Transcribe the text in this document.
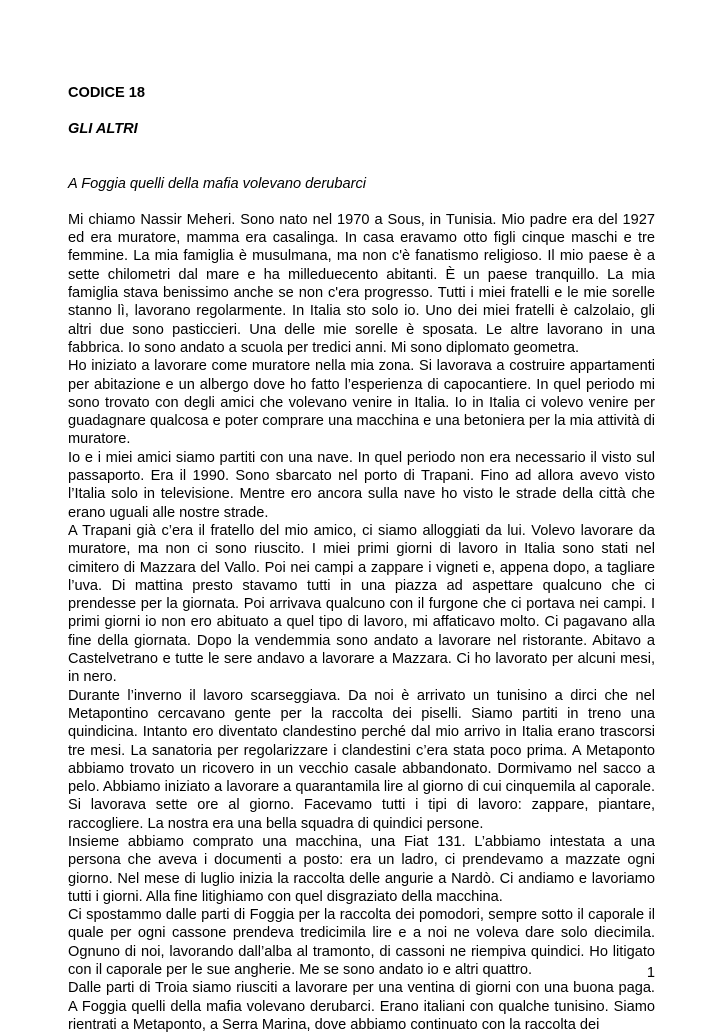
CODICE 18

GLI ALTRI

A Foggia quelli della mafia volevano derubarci

Mi chiamo Nassir Meheri. Sono nato nel 1970 a Sous, in Tunisia. Mio padre era del 1927 ed era muratore, mamma era casalinga. In casa eravamo otto figli cinque maschi e tre femmine. La mia famiglia è musulmana, ma non c'è fanatismo religioso. Il mio paese è a sette chilometri dal mare e ha milleduecento abitanti. È un paese tranquillo. La mia famiglia stava benissimo anche se non c'era progresso. Tutti i miei fratelli e le mie sorelle stanno lì, lavorano regolarmente. In Italia sto solo io. Uno dei miei fratelli è calzolaio, gli altri due sono pasticcieri. Una delle mie sorelle è sposata. Le altre lavorano in una fabbrica. Io sono andato a scuola per tredici anni. Mi sono diplomato geometra.

Ho iniziato a lavorare come muratore nella mia zona. Si lavorava a costruire appartamenti per abitazione e un albergo dove ho fatto l’esperienza di capocantiere. In quel periodo mi sono trovato con degli amici che volevano venire in Italia. Io in Italia ci volevo venire per guadagnare qualcosa e poter comprare una macchina e una betoniera per la mia attività di muratore.

Io e i miei amici siamo partiti con una nave. In quel periodo non era necessario il visto sul passaporto. Era il 1990. Sono sbarcato nel porto di Trapani. Fino ad allora avevo visto l’Italia solo in televisione. Mentre ero ancora sulla nave ho visto le strade della città che erano uguali alle nostre strade.

A Trapani già c’era il fratello del mio amico, ci siamo alloggiati da lui. Volevo lavorare da muratore, ma non ci sono riuscito. I miei primi giorni di lavoro in Italia sono stati nel cimitero di Mazzara del Vallo. Poi nei campi a zappare i vigneti e, appena dopo, a tagliare l’uva. Di mattina presto stavamo tutti in una piazza ad aspettare qualcuno che ci prendesse per la giornata. Poi arrivava qualcuno con il furgone che ci portava nei campi. I primi giorni io non ero abituato a quel tipo di lavoro, mi affaticavo molto. Ci pagavano alla fine della giornata. Dopo la vendemmia sono andato a lavorare nel ristorante. Abitavo a Castelvetrano e tutte le sere andavo a lavorare a Mazzara. Ci ho lavorato per alcuni mesi, in nero.

Durante l’inverno il lavoro scarseggiava. Da noi è arrivato un tunisino a dirci che nel Metapontino cercavano gente per la raccolta dei piselli. Siamo partiti in treno una quindicina. Intanto ero diventato clandestino perché dal mio arrivo in Italia erano trascorsi tre mesi. La sanatoria per regolarizzare i clandestini c’era stata poco prima. A Metaponto abbiamo trovato un ricovero in un vecchio casale abbandonato. Dormivamo nel sacco a pelo. Abbiamo iniziato a lavorare a quarantamila lire al giorno di cui cinquemila al caporale. Si lavorava sette ore al giorno. Facevamo tutti i tipi di lavoro: zappare, piantare, raccogliere. La nostra era una bella squadra di quindici persone.

Insieme abbiamo comprato una macchina, una Fiat 131. L’abbiamo intestata a una persona che aveva i documenti a posto: era un ladro, ci prendevamo a mazzate ogni giorno. Nel mese di luglio inizia la raccolta delle angurie a Nardò. Ci andiamo e lavoriamo tutti i giorni. Alla fine litighiamo con quel disgraziato della macchina.

Ci spostammo dalle parti di Foggia per la raccolta dei pomodori, sempre sotto il caporale il quale per ogni cassone prendeva tredicimila lire e a noi ne voleva dare solo diecimila. Ognuno di noi, lavorando dall’alba al tramonto, di cassoni ne riempiva quindici. Ho litigato con il caporale per le sue angherie. Me se sono andato io e altri quattro.

Dalle parti di Troia siamo riusciti a lavorare per una ventina di giorni con una buona paga. A Foggia quelli della mafia volevano derubarci. Erano italiani con qualche tunisino. Siamo rientrati a Metaponto, a Serra Marina, dove abbiamo continuato con la raccolta dei

1
